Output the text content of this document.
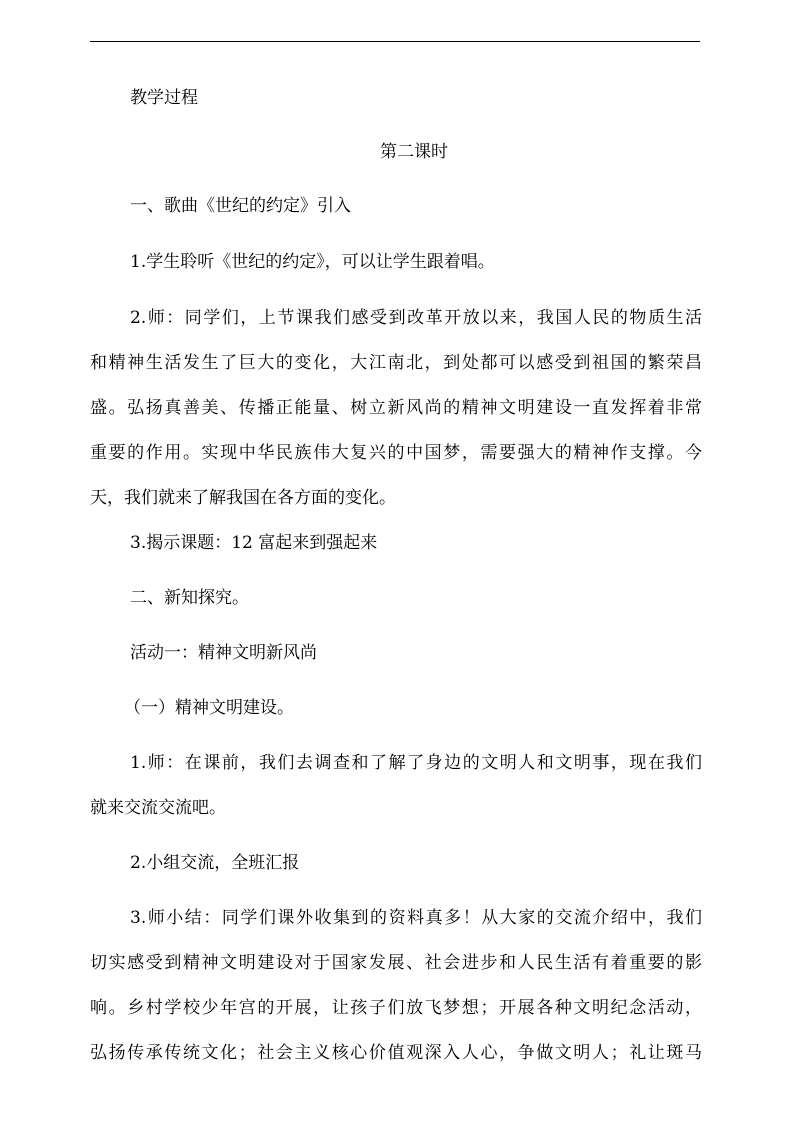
教学过程
第二课时
一、歌曲《世纪的约定》引入
1.学生聆听《世纪的约定》，可以让学生跟着唱。
2.师：同学们，上节课我们感受到改革开放以来，我国人民的物质生活
和精神生活发生了巨大的变化，大江南北，到处都可以感受到祖国的繁荣昌
盛。弘扬真善美、传播正能量、树立新风尚的精神文明建设一直发挥着非常
重要的作用。实现中华民族伟大复兴的中国梦，需要强大的精神作支撑。今
天，我们就来了解我国在各方面的变化。
3.揭示课题：12 富起来到强起来
二、新知探究。
活动一：精神文明新风尚
（一）精神文明建设。
1.师：在课前，我们去调查和了解了身边的文明人和文明事，现在我们
就来交流交流吧。
2.小组交流，全班汇报
3.师小结：同学们课外收集到的资料真多！从大家的交流介绍中，我们
切实感受到精神文明建设对于国家发展、社会进步和人民生活有着重要的影
响。乡村学校少年宫的开展，让孩子们放飞梦想；开展各种文明纪念活动，
弘扬传承传统文化；社会主义核心价值观深入人心，争做文明人；礼让斑马
